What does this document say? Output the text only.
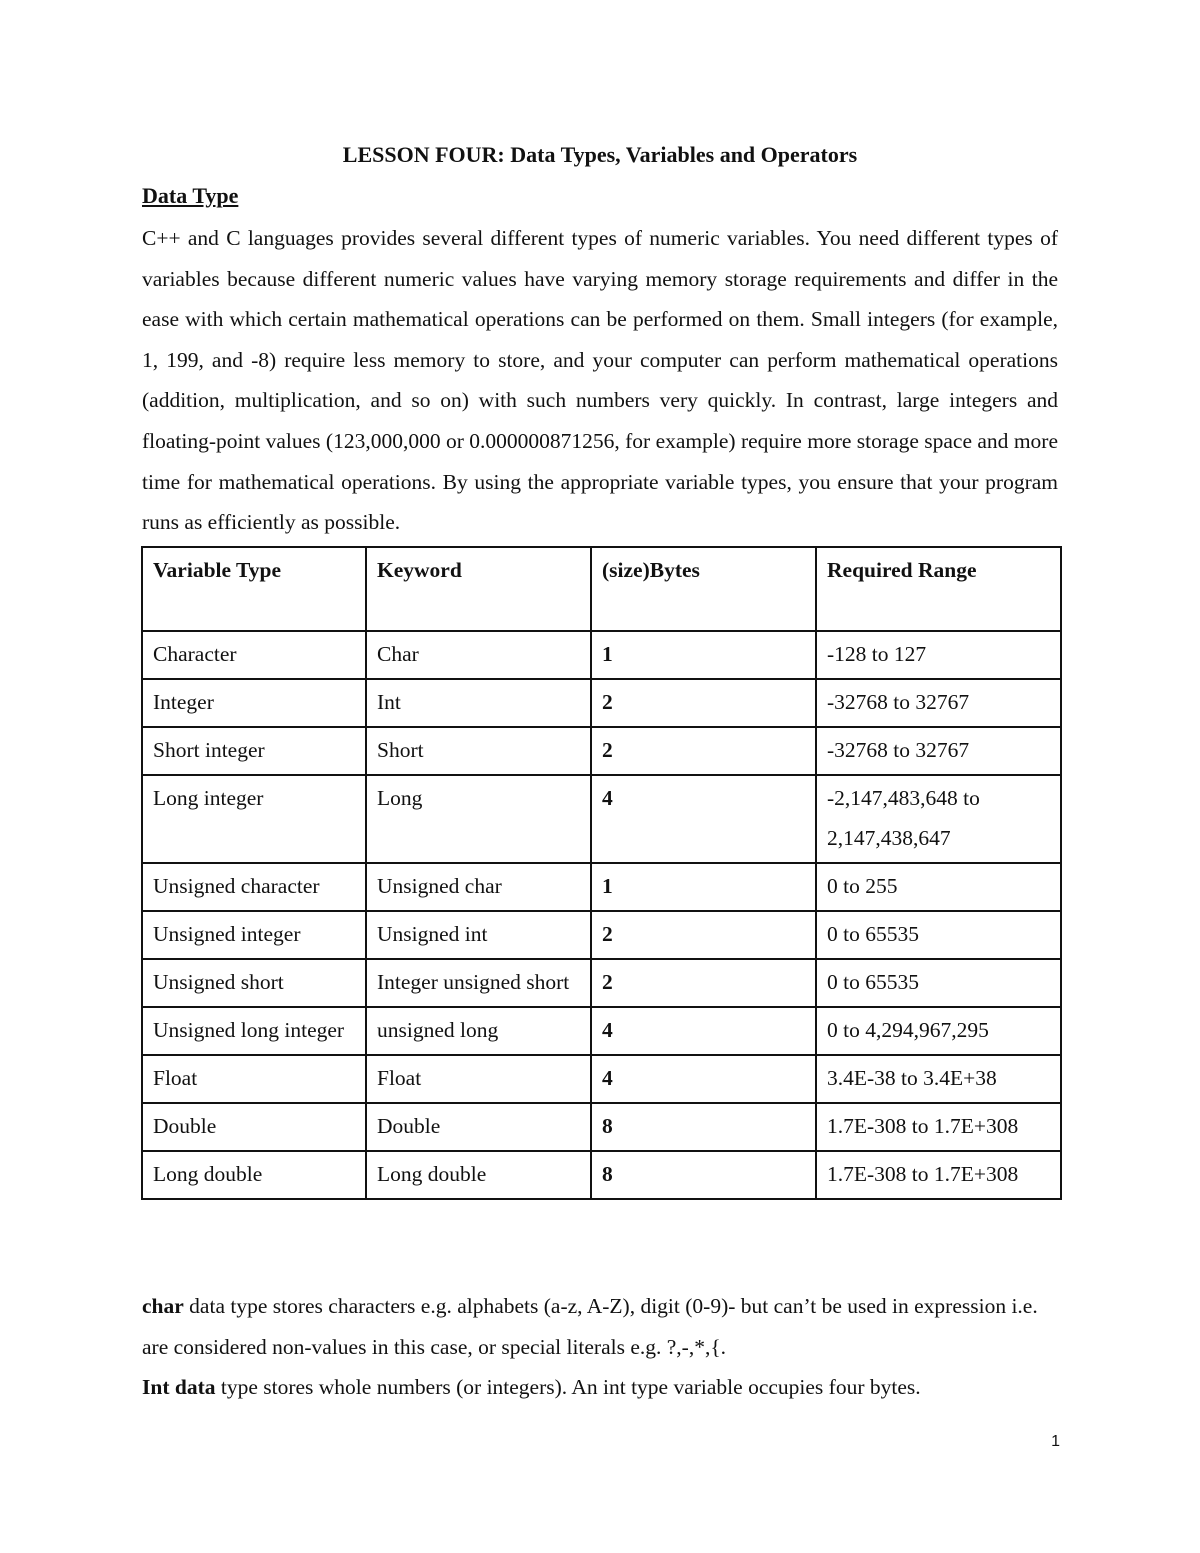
LESSON FOUR: Data Types, Variables and Operators
Data Type

C++ and C languages provides several different types of numeric variables. You need different types of variables because different numeric values have varying memory storage requirements and differ in the ease with which certain mathematical operations can be performed on them. Small integers (for example, 1, 199, and -8) require less memory to store, and your computer can perform mathematical operations (addition, multiplication, and so on) with such numbers very quickly. In contrast, large integers and floating-point values (123,000,000 or 0.000000871256, for example) require more storage space and more time for mathematical operations. By using the appropriate variable types, you ensure that your program runs as efficiently as possible.

Variable Type	Keyword	(size)Bytes	Required Range
Character	Char	1	-128 to 127
Integer	Int	2	-32768 to 32767
Short integer	Short	2	-32768 to 32767
Long integer	Long	4	-2,147,483,648 to 2,147,438,647
Unsigned character	Unsigned char	1	0 to 255
Unsigned integer	Unsigned int	2	0 to 65535
Unsigned short	Integer unsigned short	2	0 to 65535
Unsigned long integer	unsigned long	4	0 to 4,294,967,295
Float	Float	4	3.4E-38 to 3.4E+38
Double	Double	8	1.7E-308 to 1.7E+308
Long double	Long double	8	1.7E-308 to 1.7E+308

char data type stores characters e.g. alphabets (a-z, A-Z), digit (0-9)- but can’t be used in expression i.e. are considered non-values in this case, or special literals e.g. ?,-,*,{.

Int data type stores whole numbers (or integers). An int type variable occupies four bytes.

1
